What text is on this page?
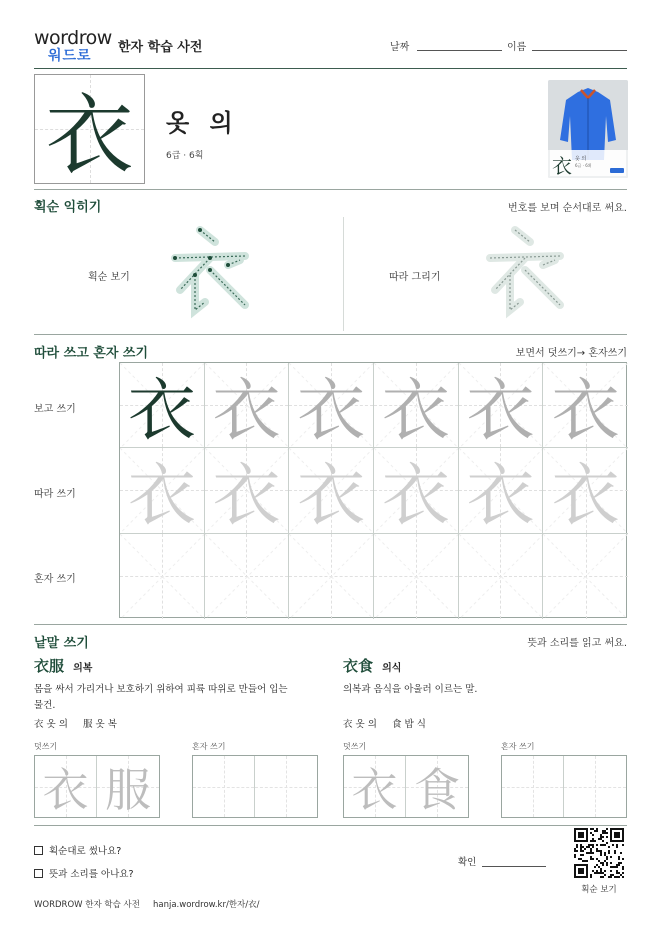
wordrow
워드로
한자 학습 사전	날짜	이름
衣	옷 의
6급 · 6획	衣 옷 의
6급 · 6획
획순 익히기	번호를 보며 순서대로 써요.
획순 보기	따라 그리기
따라 쓰고 혼자 쓰기	보면서 덧쓰기→ 혼자쓰기
보고 쓰기
따라 쓰기
혼자 쓰기
衣 衣 衣 衣 衣 衣
衣 衣 衣 衣 衣 衣
낱말 쓰기	뜻과 소리를 읽고 써요.
衣服 의복
몸을 싸서 가리거나 보호하기 위하여 피륙 따위로 만들어 입는
물건.
衣 옷 의 服 옷 복
덧쓰기	혼자 쓰기
衣 服
衣食 의식
의복과 음식을 아울러 이르는 말.
衣 옷 의 食 밥 식
덧쓰기	혼자 쓰기
衣 食
획순대로 썼나요?
뜻과 소리를 아나요?
확인
획순 보기
WORDROW 한자 학습 사전 hanja.wordrow.kr/한자/衣/
